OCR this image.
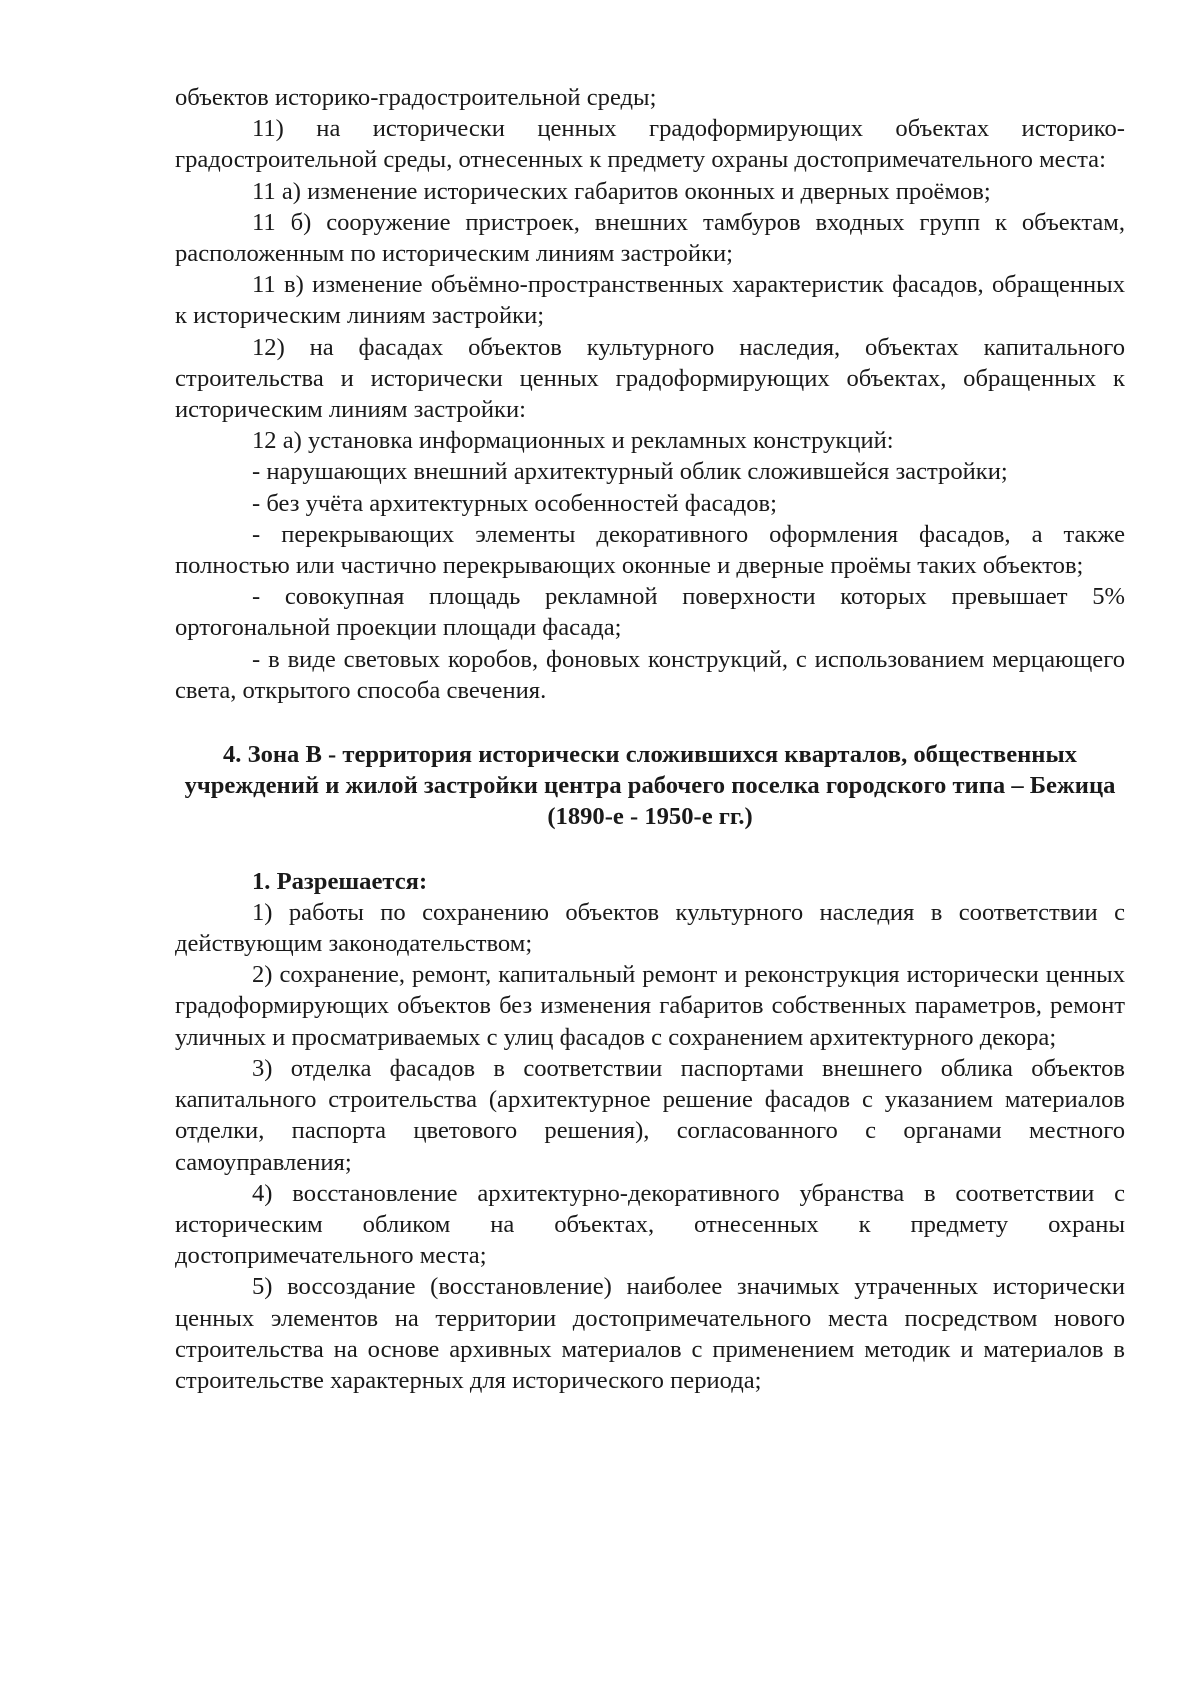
объектов историко-градостроительной среды;

11) на исторически ценных градоформирующих объектах историко-градостроительной среды, отнесенных к предмету охраны достопримечательного места:

11 а) изменение исторических габаритов оконных и дверных проёмов;

11 б) сооружение пристроек, внешних тамбуров входных групп к объектам, расположенным по историческим линиям застройки;

11 в) изменение объёмно-пространственных характеристик фасадов, обращенных к историческим линиям застройки;

12) на фасадах объектов культурного наследия, объектах капитального строительства и исторически ценных градоформирующих объектах, обращенных к историческим линиям застройки:

12 а) установка информационных и рекламных конструкций:

- нарушающих внешний архитектурный облик сложившейся застройки;

- без учёта архитектурных особенностей фасадов;

- перекрывающих элементы декоративного оформления фасадов, а также полностью или частично перекрывающих оконные и дверные проёмы таких объектов;

- совокупная площадь рекламной поверхности которых превышает 5% ортогональной проекции площади фасада;

- в виде световых коробов, фоновых конструкций, с использованием мерцающего света, открытого способа свечения.

4. Зона В - территория исторически сложившихся кварталов, общественных учреждений и жилой застройки центра рабочего поселка городского типа – Бежица (1890-е - 1950-е гг.)

1. Разрешается:

1) работы по сохранению объектов культурного наследия в соответствии с действующим законодательством;

2) сохранение, ремонт, капитальный ремонт и реконструкция исторически ценных градоформирующих объектов без изменения габаритов собственных параметров, ремонт уличных и просматриваемых с улиц фасадов с сохранением архитектурного декора;

3) отделка фасадов в соответствии паспортами внешнего облика объектов капитального строительства (архитектурное решение фасадов с указанием материалов отделки, паспорта цветового решения), согласованного с органами местного самоуправления;

4) восстановление архитектурно-декоративного убранства в соответствии с историческим обликом на объектах, отнесенных к предмету охраны достопримечательного места;

5) воссоздание (восстановление) наиболее значимых утраченных исторически ценных элементов на территории достопримечательного места посредством нового строительства на основе архивных материалов с применением методик и материалов в строительстве характерных для исторического периода;
